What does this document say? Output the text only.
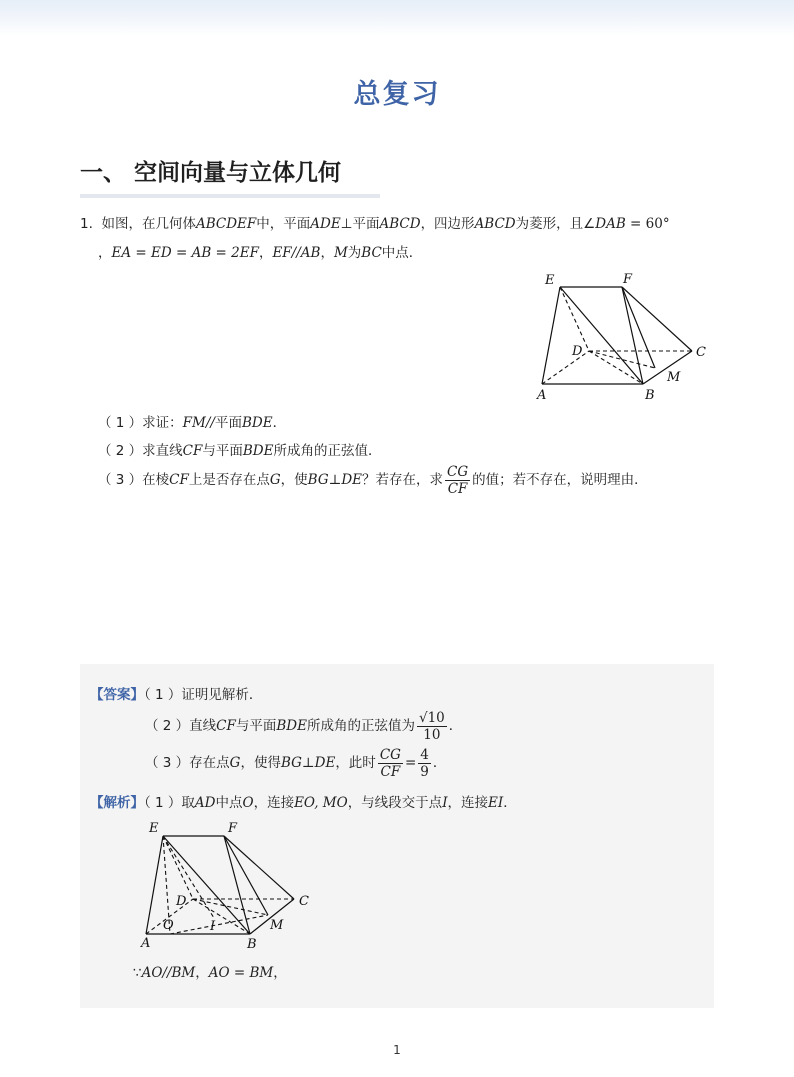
总复习
一、 空间向量与立体几何
1. 如图，在几何体ABCDEF中，平面ADE⊥平面ABCD，四边形ABCD为菱形，且∠DAB = 60°
，EA = ED = AB = 2EF，EF//AB，M为BC中点．
E	F
D	C
M
A	B
（ 1 ）求证：FM//平面BDE．
（ 2 ）求直线CF与平面BDE所成角的正弦值．
（ 3 ）在棱CF上是否存在点G，使BG⊥DE？若存在，求 $\frac{CG}{CF}$ 的值；若不存在，说明理由．
【答案】（ 1 ）证明见解析．
（ 2 ）直线CF与平面BDE所成角的正弦值为 $\frac{√10}{10}$ ．
（ 3 ）存在点G，使得BG⊥DE，此时 $\frac{CG}{CF} = \frac{4}{9}$ ．
【解析】（ 1 ）取AD中点O，连接EO, MO，与线段交于点I，连接EI．
E	F
D	C
M
A
O	I
B
∵AO//BM，AO = BM，
1
